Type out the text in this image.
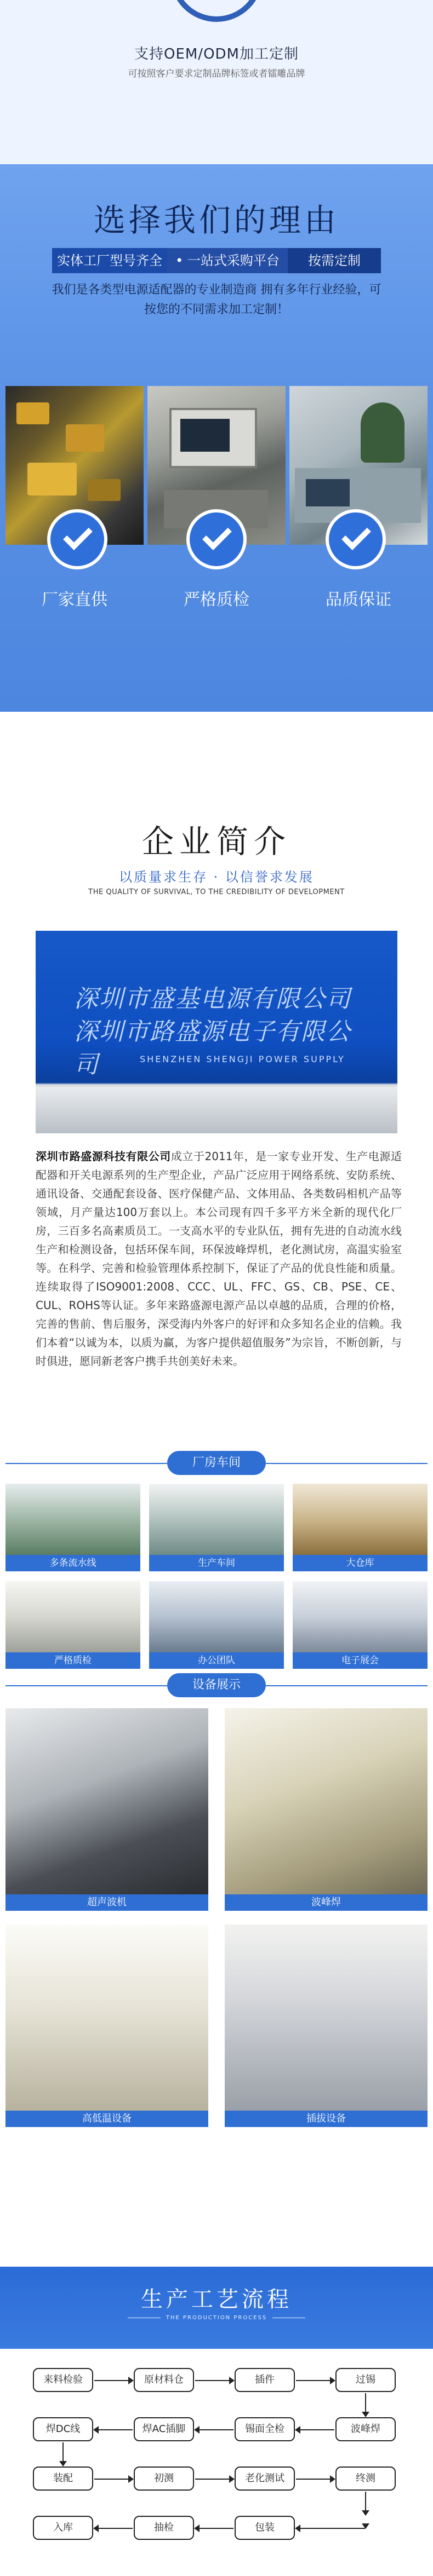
支持OEM/ODM加工定制
可按照客户要求定制品牌标签或者镭雕品牌
选择我们的理由
实体工厂型号齐全	• 一站式采购平台	按需定制
我们是各类型电源适配器的专业制造商 拥有多年行业经验，可按您的不同需求加工定制！
厂家直供	严格质检	品质保证
企业简介
以质量求生存 · 以信誉求发展
THE QUALITY OF SURVIVAL, TO THE CREDIBILITY OF DEVELOPMENT
深圳市盛基电源有限公司 深圳市路盛源电子有限公司	SHENZHEN SHENGJI POWER SUPPLY
深圳市路盛源科技有限公司成立于2011年，是一家专业开发、生产电源适配器和开关电源系列的生产型企业，产品广泛应用于网络系统、安防系统、通讯设备、交通配套设备、医疗保健产品、文体用品、各类数码相机产品等领域，月产量达100万套以上。本公司现有四千多平方米全新的现代化厂房，三百多名高素质员工。一支高水平的专业队伍，拥有先进的自动流水线生产和检测设备，包括环保车间，环保波峰焊机，老化测试房，高温实验室等。在科学、完善和检验管理体系控制下，保证了产品的优良性能和质量。连续取得了ISO9001:2008、CCC、UL、FFC、GS、CB、PSE、CE、CUL、ROHS等认证。多年来路盛源电源产品以卓越的品质，合理的价格，完善的售前、售后服务，深受海内外客户的好评和众多知名企业的信赖。我们本着“以诚为本，以质为赢，为客户提供超值服务”为宗旨，不断创新，与时俱进，愿同新老客户携手共创美好未来。
厂房车间
多条流水线	生产车间	大仓库
严格质检	办公团队	电子展会
设备展示
超声波机	波峰焊
高低温设备	插拔设备
生产工艺流程
THE PRODUCTION PROCESS
来料检验	原材料仓	插件	过锡
焊DC线	焊AC插脚	锡面全检	波峰焊
装配	初测	老化测试	终测
入库	抽检	包装
